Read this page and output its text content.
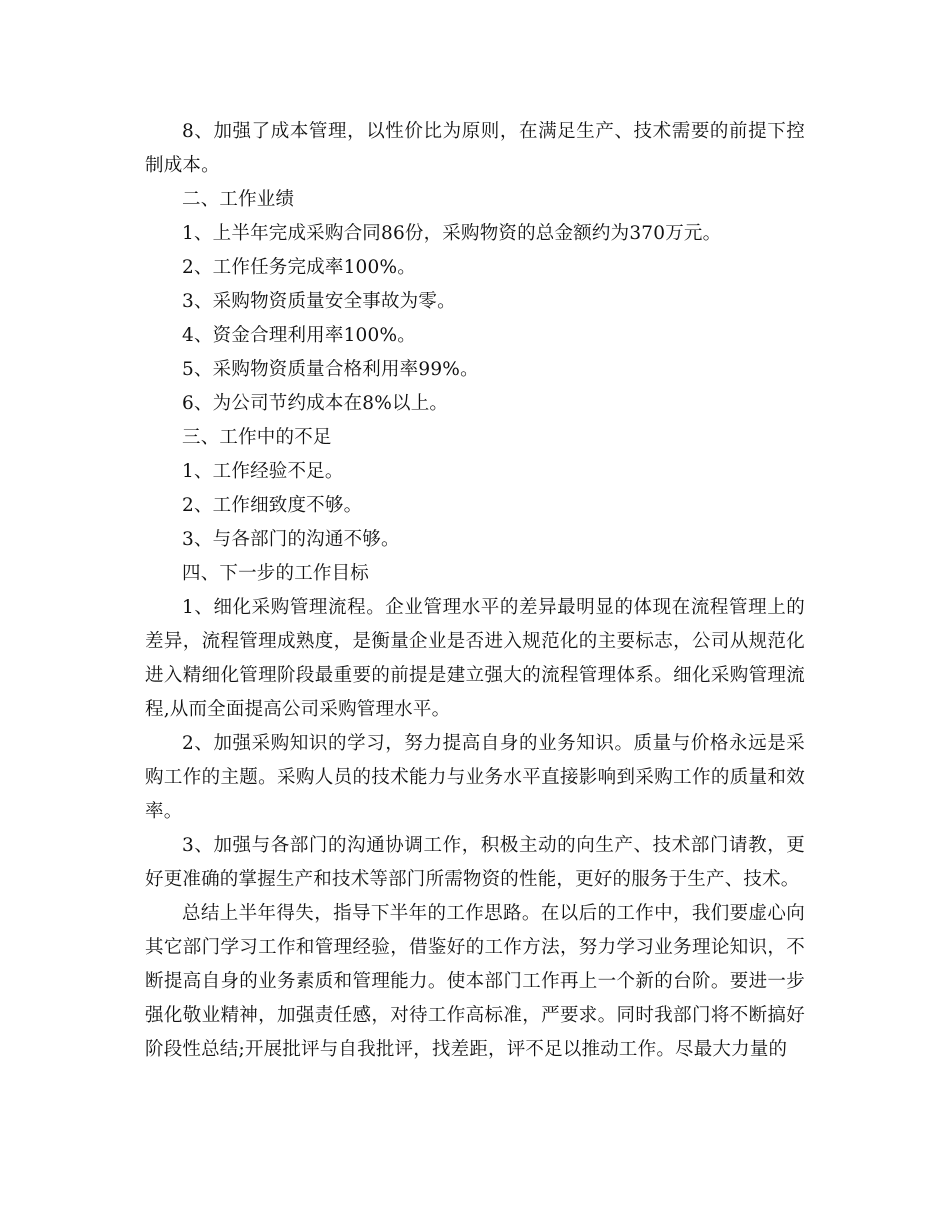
8、加强了成本管理，以性价比为原则，在满足生产、技术需要的前提下控制成本。

二、工作业绩

1、上半年完成采购合同86份，采购物资的总金额约为370万元。

2、工作任务完成率100%。

3、采购物资质量安全事故为零。

4、资金合理利用率100%。

5、采购物资质量合格利用率99%。

6、为公司节约成本在8%以上。

三、工作中的不足

1、工作经验不足。

2、工作细致度不够。

3、与各部门的沟通不够。

四、下一步的工作目标

1、细化采购管理流程。企业管理水平的差异最明显的体现在流程管理上的差异，流程管理成熟度，是衡量企业是否进入规范化的主要标志，公司从规范化进入精细化管理阶段最重要的前提是建立强大的流程管理体系。细化采购管理流程,从而全面提高公司采购管理水平。

2、加强采购知识的学习，努力提高自身的业务知识。质量与价格永远是采购工作的主题。采购人员的技术能力与业务水平直接影响到采购工作的质量和效率。

3、加强与各部门的沟通协调工作，积极主动的向生产、技术部门请教，更好更准确的掌握生产和技术等部门所需物资的性能，更好的服务于生产、技术。

总结上半年得失，指导下半年的工作思路。在以后的工作中，我们要虚心向其它部门学习工作和管理经验，借鉴好的工作方法，努力学习业务理论知识，不断提高自身的业务素质和管理能力。使本部门工作再上一个新的台阶。要进一步强化敬业精神，加强责任感，对待工作高标准，严要求。同时我部门将不断搞好阶段性总结;开展批评与自我批评，找差距，评不足以推动工作。尽最大力量的
